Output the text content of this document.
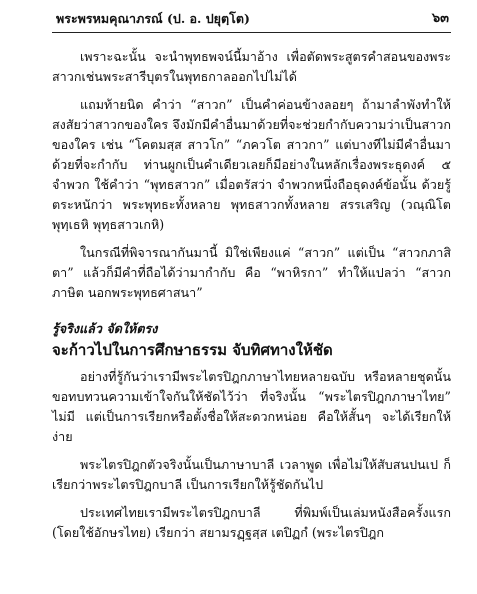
พระพรหมคุณาภรณ์ (ป. อ. ปยุตฺโต)	๖๓

เพราะฉะนั้น จะนำพุทธพจน์นี้มาอ้าง เพื่อตัดพระสูตรคำสอนของพระสาวกเช่นพระสารีบุตรในพุทธกาลออกไปไม่ได้

แถมท้ายนิด คำว่า “สาวก” เป็นคำค่อนข้างลอยๆ ถ้ามาลำพังทำให้สงสัยว่าสาวกของใคร จึงมักมีคำอื่นมาด้วยที่จะช่วยกำกับความว่าเป็นสาวกของใคร เช่น “โคตมสฺส สาวโก” “ภควโต สาวกา” แต่บางทีไม่มีคำอื่นมาด้วยที่จะกำกับ ท่านผูกเป็นคำเดียวเลยก็มีอย่างในหลักเรื่องพระธุดงค์ ๕ จำพวก ใช้คำว่า “พุทธสาวก” เมื่อตรัสว่า จำพวกหนึ่งถือธุดงค์ข้อนั้น ด้วยรู้ตระหนักว่า พระพุทธะทั้งหลาย พุทธสาวกทั้งหลาย สรรเสริญ (วณฺณิโต พุทฺเธหิ พุทฺธสาวเกหิ)

ในกรณีที่พิจารณากันมานี้ มิใช่เพียงแค่ “สาวก” แต่เป็น “สาวกภาสิตา” แล้วก็มีคำที่ถือได้ว่ามากำกับ คือ “พาหิรกา” ทำให้แปลว่า “สาวกภาษิต นอกพระพุทธศาสนา”

รู้จริงแล้ว จัดให้ตรง
จะก้าวไปในการศึกษาธรรม จับทิศทางให้ชัด

อย่างที่รู้กันว่าเรามีพระไตรปิฎกภาษาไทยหลายฉบับ หรือหลายชุดนั้น ขอทบทวนความเข้าใจกันให้ชัดไว้ว่า ที่จริงนั้น “พระไตรปิฎกภาษาไทย” ไม่มี แต่เป็นการเรียกหรือตั้งชื่อให้สะดวกหน่อย คือให้สั้นๆ จะได้เรียกให้ง่าย

พระไตรปิฎกตัวจริงนั้นเป็นภาษาบาลี เวลาพูด เพื่อไม่ให้สับสนปนเป ก็เรียกว่าพระไตรปิฎกบาลี เป็นการเรียกให้รู้ชัดกันไป

ประเทศไทยเรามีพระไตรปิฎกบาลี ที่พิมพ์เป็นเล่มหนังสือครั้งแรก (โดยใช้อักษรไทย) เรียกว่า สยามรฏฺฐสฺส เตปิฏกํ (พระไตรปิฎก
